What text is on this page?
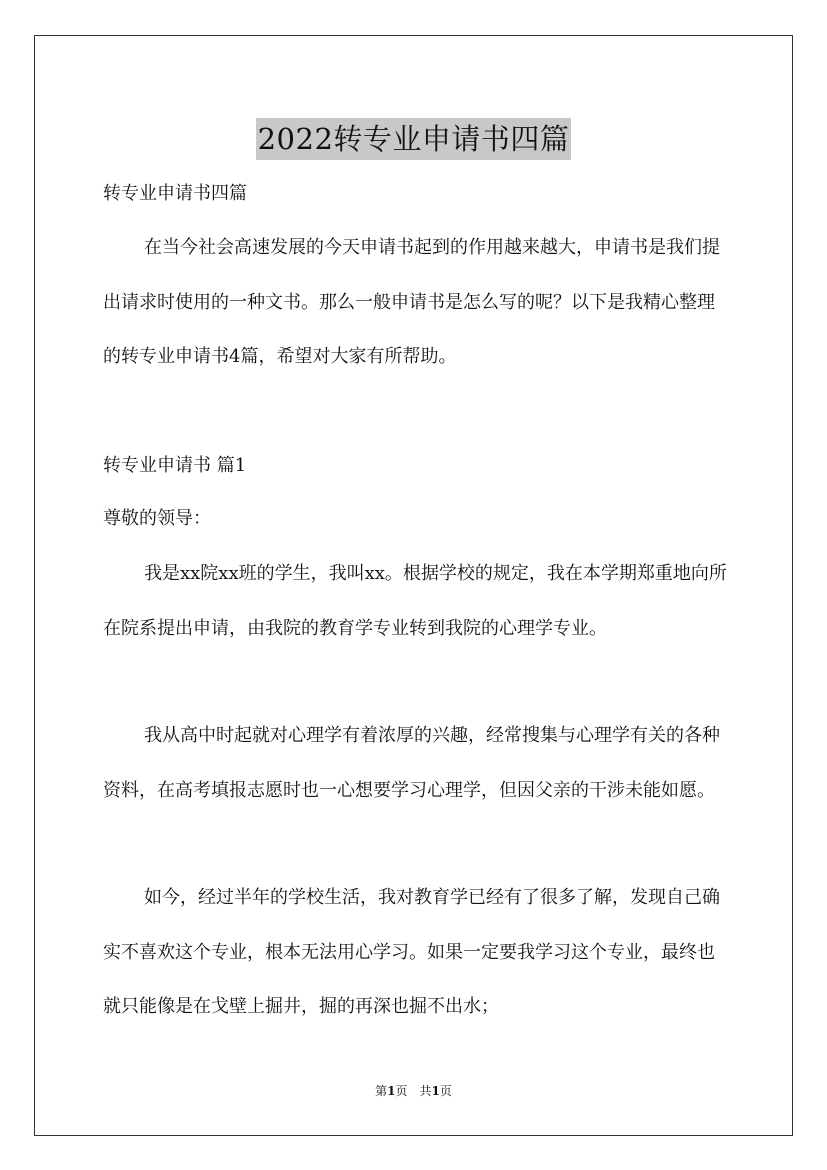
2022转专业申请书四篇

转专业申请书四篇

在当今社会高速发展的今天申请书起到的作用越来越大，申请书是我们提出请求时使用的一种文书。那么一般申请书是怎么写的呢？以下是我精心整理的转专业申请书4篇，希望对大家有所帮助。

转专业申请书 篇1

尊敬的领导：

我是xx院xx班的学生，我叫xx。根据学校的规定，我在本学期郑重地向所在院系提出申请，由我院的教育学专业转到我院的心理学专业。

我从高中时起就对心理学有着浓厚的兴趣，经常搜集与心理学有关的各种资料，在高考填报志愿时也一心想要学习心理学，但因父亲的干涉未能如愿。

如今，经过半年的学校生活，我对教育学已经有了很多了解，发现自己确实不喜欢这个专业，根本无法用心学习。如果一定要我学习这个专业，最终也就只能像是在戈壁上掘井，掘的再深也掘不出水；

第1页　共1页
